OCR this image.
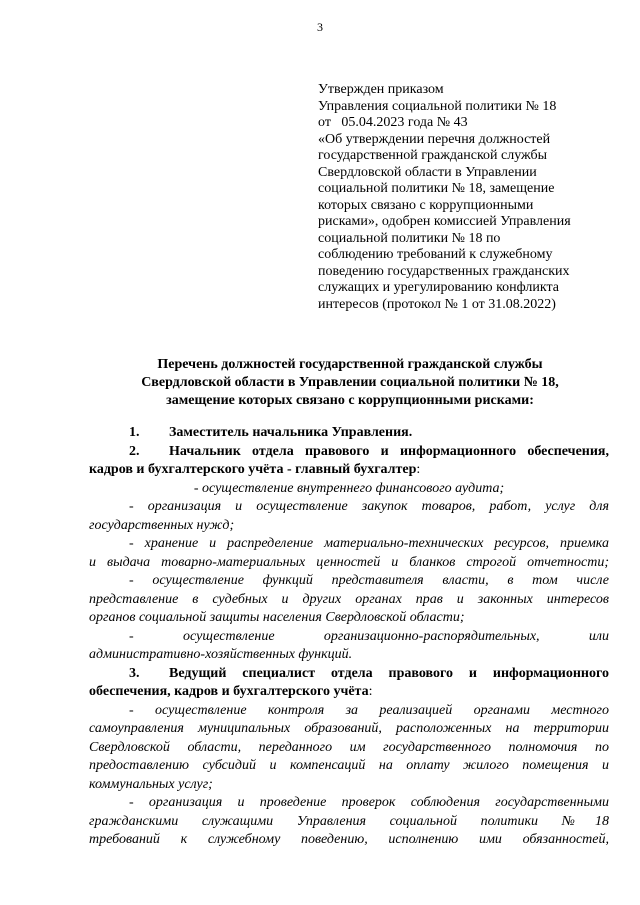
3
Утвержден приказом
Управления социальной политики № 18
от   05.04.2023 года № 43
«Об утверждении перечня должностей
государственной гражданской службы
Свердловской области в Управлении
социальной политики № 18, замещение
которых связано с коррупционными
рисками», одобрен комиссией Управления
социальной политики № 18 по
соблюдению требований к служебному
поведению государственных гражданских
служащих и урегулированию конфликта
интересов (протокол № 1 от 31.08.2022)
Перечень должностей государственной гражданской службы
Свердловской области в Управлении социальной политики № 18,
замещение которых связано с коррупционными рисками:
1. Заместитель начальника Управления.
2. Начальник отдела правового и информационного обеспечения,
кадров и бухгалтерского учёта - главный бухгалтер:
- осуществление внутреннего финансового аудита;
- организация и осуществление закупок товаров, работ, услуг для
государственных нужд;
- хранение и распределение материально-технических ресурсов, приемка
и выдача товарно-материальных ценностей и бланков строгой отчетности;
- осуществление функций представителя власти, в том числе
представление в судебных и других органах прав и законных интересов
органов социальной защиты населения Свердловской области;
- осуществление организационно-распорядительных, или
административно-хозяйственных функций.
3. Ведущий специалист отдела правового и информационного
обеспечения, кадров и бухгалтерского учёта:
- осуществление контроля за реализацией органами местного
самоуправления муниципальных образований, расположенных на территории
Свердловской области, переданного им государственного полномочия по
предоставлению субсидий и компенсаций на оплату жилого помещения и
коммунальных услуг;
- организация и проведение проверок соблюдения государственными
гражданскими служащими Управления социальной политики №18
требований к служебному поведению, исполнению ими обязанностей,
